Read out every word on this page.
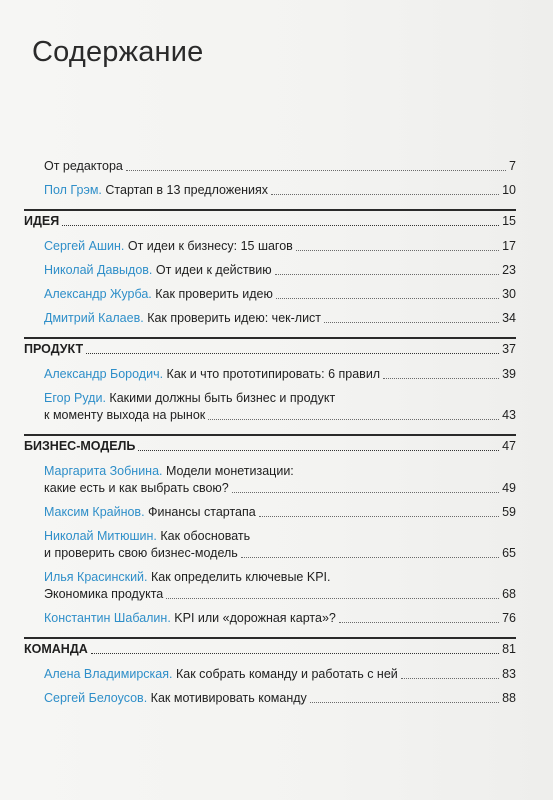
Содержание
От редактора	7
Пол Грэм. Стартап в 13 предложениях	10
ИДЕЯ	15
Сергей Ашин. От идеи к бизнесу: 15 шагов	17
Николай Давыдов. От идеи к действию	23
Александр Журба. Как проверить идею	30
Дмитрий Калаев. Как проверить идею: чек-лист	34
ПРОДУКТ	37
Александр Бородич. Как и что прототипировать: 6 правил	39
Егор Руди. Какими должны быть бизнес и продукт
к моменту выхода на рынок	43
БИЗНЕС-МОДЕЛЬ	47
Маргарита Зобнина. Модели монетизации:
какие есть и как выбрать свою?	49
Максим Крайнов. Финансы стартапа	59
Николай Митюшин. Как обосновать
и проверить свою бизнес-модель	65
Илья Красинский. Как определить ключевые KPI.
Экономика продукта	68
Константин Шабалин. KPI или «дорожная карта»?	76
КОМАНДА	81
Алена Владимирская. Как собрать команду и работать с ней	83
Сергей Белоусов. Как мотивировать команду	88
